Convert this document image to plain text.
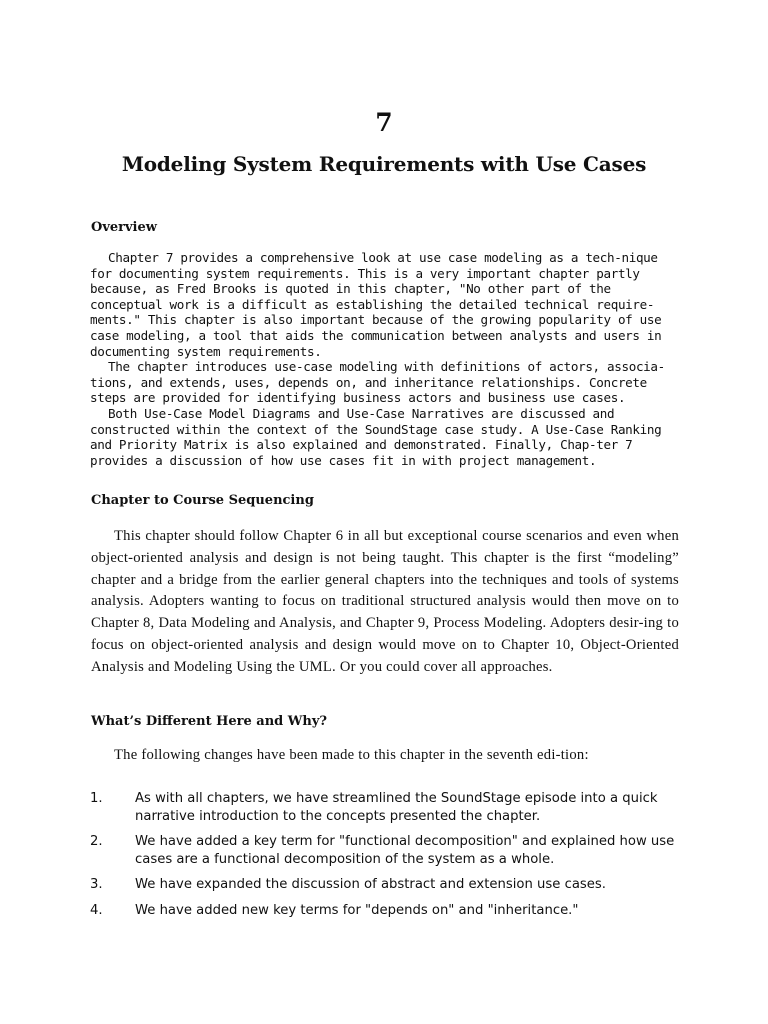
7
Modeling System Requirements with Use Cases
Overview

Chapter 7 provides a comprehensive look at use case modeling as a tech-nique for documenting system requirements. This is a very important chapter partly because, as Fred Brooks is quoted in this chapter, "No other part of the conceptual work is a difficult as establishing the detailed technical require-ments." This chapter is also important because of the growing popularity of use case modeling, a tool that aids the communication between analysts and users in documenting system requirements.

The chapter introduces use-case modeling with definitions of actors, associa-tions, and extends, uses, depends on, and inheritance relationships. Concrete steps are provided for identifying business actors and business use cases.

Both Use-Case Model Diagrams and Use-Case Narratives are discussed and constructed within the context of the SoundStage case study. A Use-Case Ranking and Priority Matrix is also explained and demonstrated. Finally, Chap-ter 7 provides a discussion of how use cases fit in with project management.

Chapter to Course Sequencing

This chapter should follow Chapter 6 in all but exceptional course scenarios and even when object-oriented analysis and design is not being taught. This chapter is the first “modeling” chapter and a bridge from the earlier general chapters into the techniques and tools of systems analysis. Adopters wanting to focus on traditional structured analysis would then move on to Chapter 8, Data Modeling and Analysis, and Chapter 9, Process Modeling. Adopters desir-ing to focus on object-oriented analysis and design would move on to Chapter 10, Object-Oriented Analysis and Modeling Using the UML. Or you could cover all approaches.

What’s Different Here and Why?

The following changes have been made to this chapter in the seventh edi-tion:

1. As with all chapters, we have streamlined the SoundStage episode into a quick narrative introduction to the concepts presented the chapter.
2. We have added a key term for "functional decomposition" and explained how use cases are a functional decomposition of the system as a whole.
3. We have expanded the discussion of abstract and extension use cases.
4. We have added new key terms for "depends on" and "inheritance."
